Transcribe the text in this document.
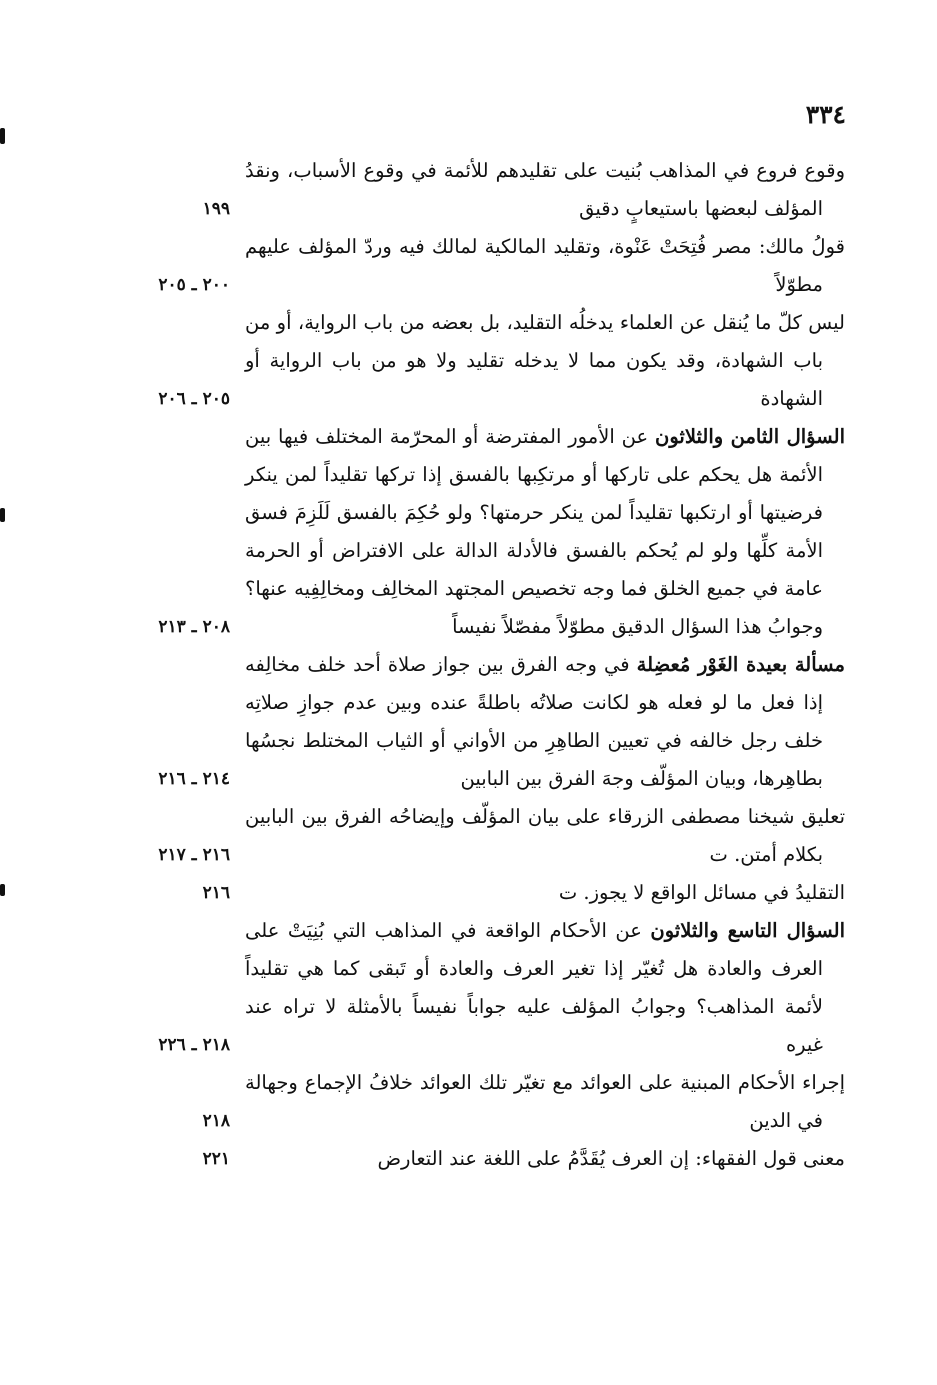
٣٣٤
وقوع فروع في المذاهب بُنيت على تقليدهم للأئمة في وقوع الأسباب، ونقدُ المؤلف لبعضها باستيعابٍ دقيق
١٩٩
قولُ مالك: مصر فُتِحَتْ عَنْوة، وتقليد المالكية لمالك فيه وردّ المؤلف عليهم مطوّلاً
٢٠٠ ـ ٢٠٥
ليس كلّ ما يُنقل عن العلماء يدخلُه التقليد، بل بعضه من باب الرواية، أو من باب الشهادة، وقد يكون مما لا يدخله تقليد ولا هو من باب الرواية أو الشهادة
٢٠٥ ـ ٢٠٦
السؤال الثامن والثلاثون عن الأمور المفترضة أو المحرّمة المختلف فيها بين الأئمة هل يحكم على تاركها أو مرتكِبها بالفسق إذا تركها تقليداً لمن ينكر فرضيتها أو ارتكبها تقليداً لمن ينكر حرمتها؟ ولو حُكِمَ بالفسق لَلَزِمَ فسق الأمة كلِّها ولو لم يُحكم بالفسق فالأدلة الدالة على الافتراض أو الحرمة عامة في جميع الخلق فما وجه تخصيص المجتهد المخالِف ومخالِفِيه عنها؟ وجوابُ هذا السؤال الدقيق مطوّلاً مفصّلاً نفيساً
٢٠٨ ـ ٢١٣
مسألة بعيدة الغَوْر مُعضِلة في وجه الفرق بين جواز صلاة أحد خلف مخالِفه إذا فعل ما لو فعله هو لكانت صلاتُه باطلةً عنده وبين عدم جوازِ صلاتِه خلف رجل خالفه في تعيين الطاهِرِ من الأواني أو الثياب المختلط نجسُها بطاهِرها، وبيان المؤلّف وجهَ الفرق بين البابين
٢١٤ ـ ٢١٦
تعليق شيخنا مصطفى الزرقاء على بيان المؤلّف وإيضاحُه الفرق بين البابين بكلام أمتن. ت
٢١٦ ـ ٢١٧
التقليدُ في مسائل الواقع لا يجوز. ت
٢١٦
السؤال التاسع والثلاثون عن الأحكام الواقعة في المذاهب التي بُنِيَتْ على العرف والعادة هل تُغيّر إذا تغير العرف والعادة أو تَبقى كما هي تقليداً لأئمة المذاهب؟ وجوابُ المؤلف عليه جواباً نفيساً بالأمثلة لا تراه عند غيره
٢١٨ ـ ٢٢٦
إجراء الأحكام المبنية على العوائد مع تغيّر تلك العوائد خلافُ الإجماع وجهالة في الدين
٢١٨
معنى قول الفقهاء: إن العرف يُقَدَّمُ على اللغة عند التعارض
٢٢١
